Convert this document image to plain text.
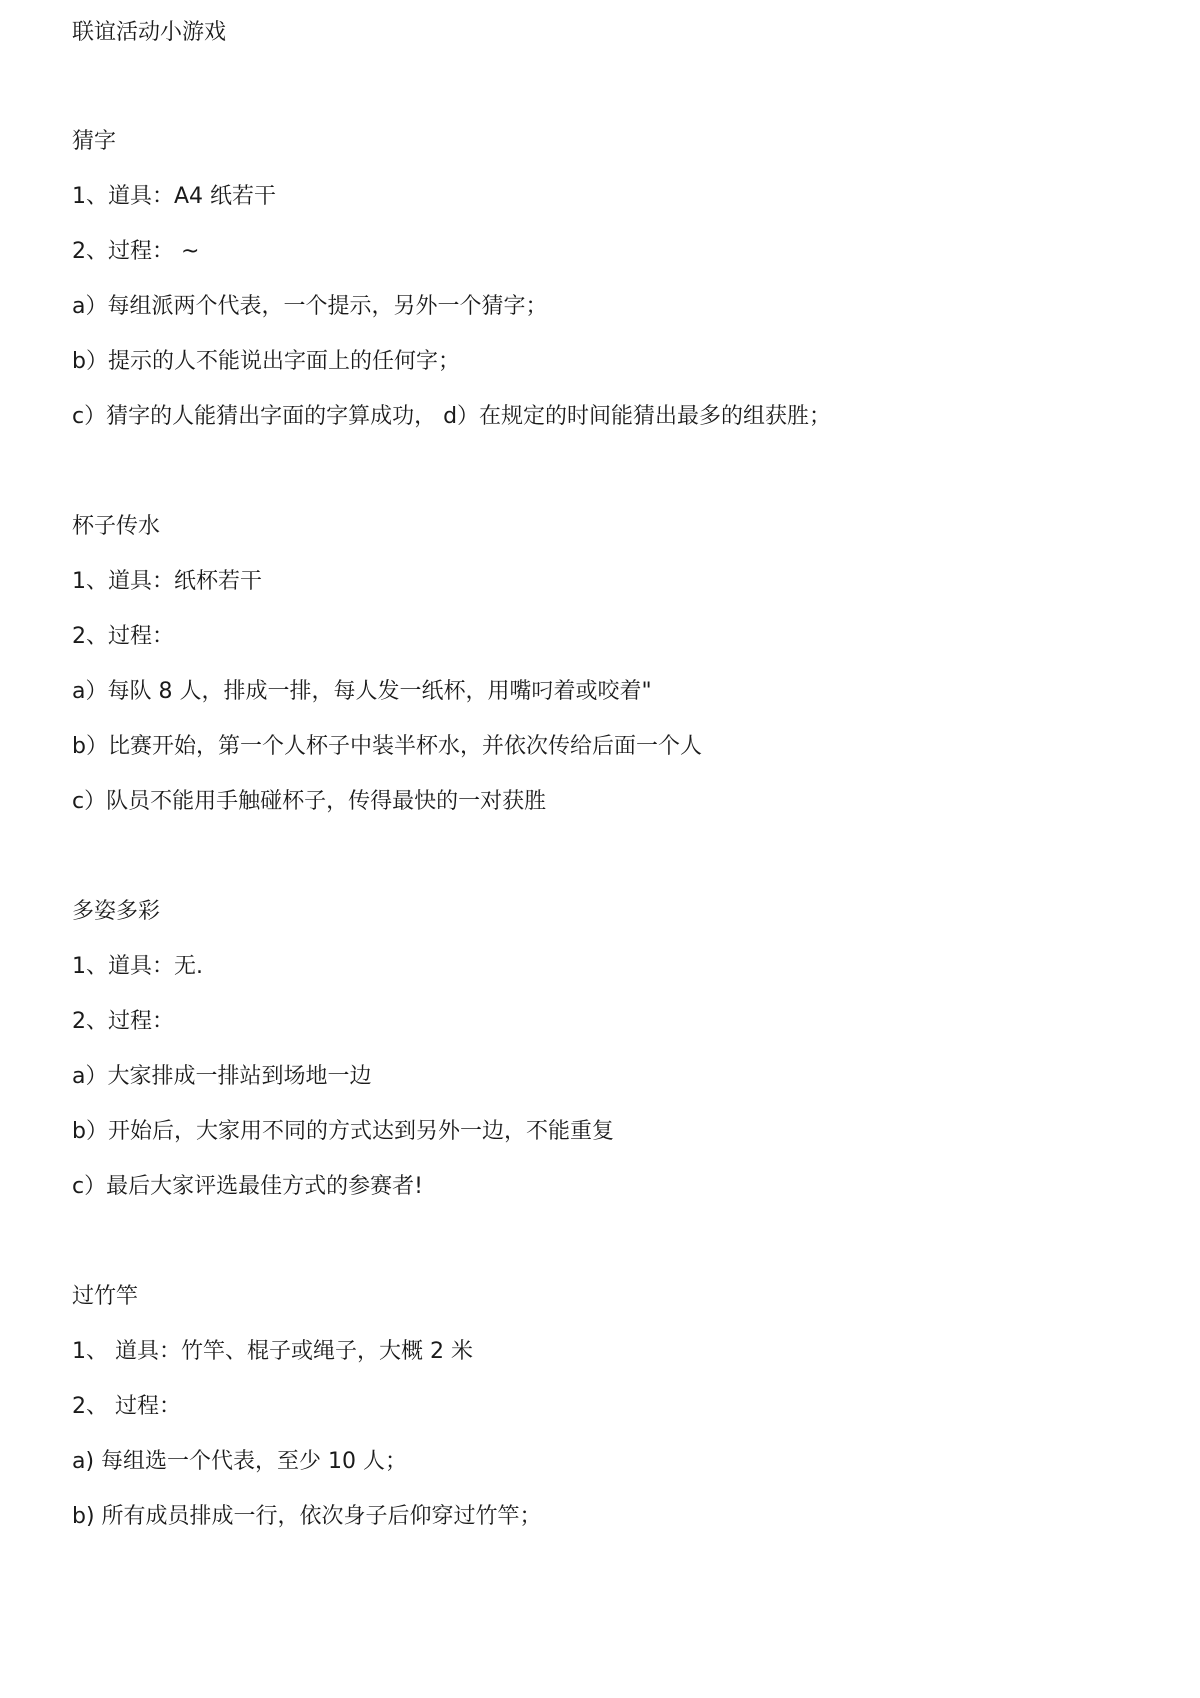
联谊活动小游戏
猜字
1、道具：A4 纸若干
2、过程： ~
a）每组派两个代表，一个提示，另外一个猜字；
b）提示的人不能说出字面上的任何字；
c）猜字的人能猜出字面的字算成功， d）在规定的时间能猜出最多的组获胜；
杯子传水
1、道具：纸杯若干
2、过程：
a）每队 8 人，排成一排，每人发一纸杯，用嘴叼着或咬着"
b）比赛开始，第一个人杯子中装半杯水，并依次传给后面一个人
c）队员不能用手触碰杯子，传得最快的一对获胜
多姿多彩
1、道具：无.
2、过程：
a）大家排成一排站到场地一边
b）开始后，大家用不同的方式达到另外一边，不能重复
c）最后大家评选最佳方式的参赛者!
过竹竿
1、 道具：竹竿、棍子或绳子，大概 2 米
2、 过程：
a) 每组选一个代表，至少 10 人；
b) 所有成员排成一行，依次身子后仰穿过竹竿；
